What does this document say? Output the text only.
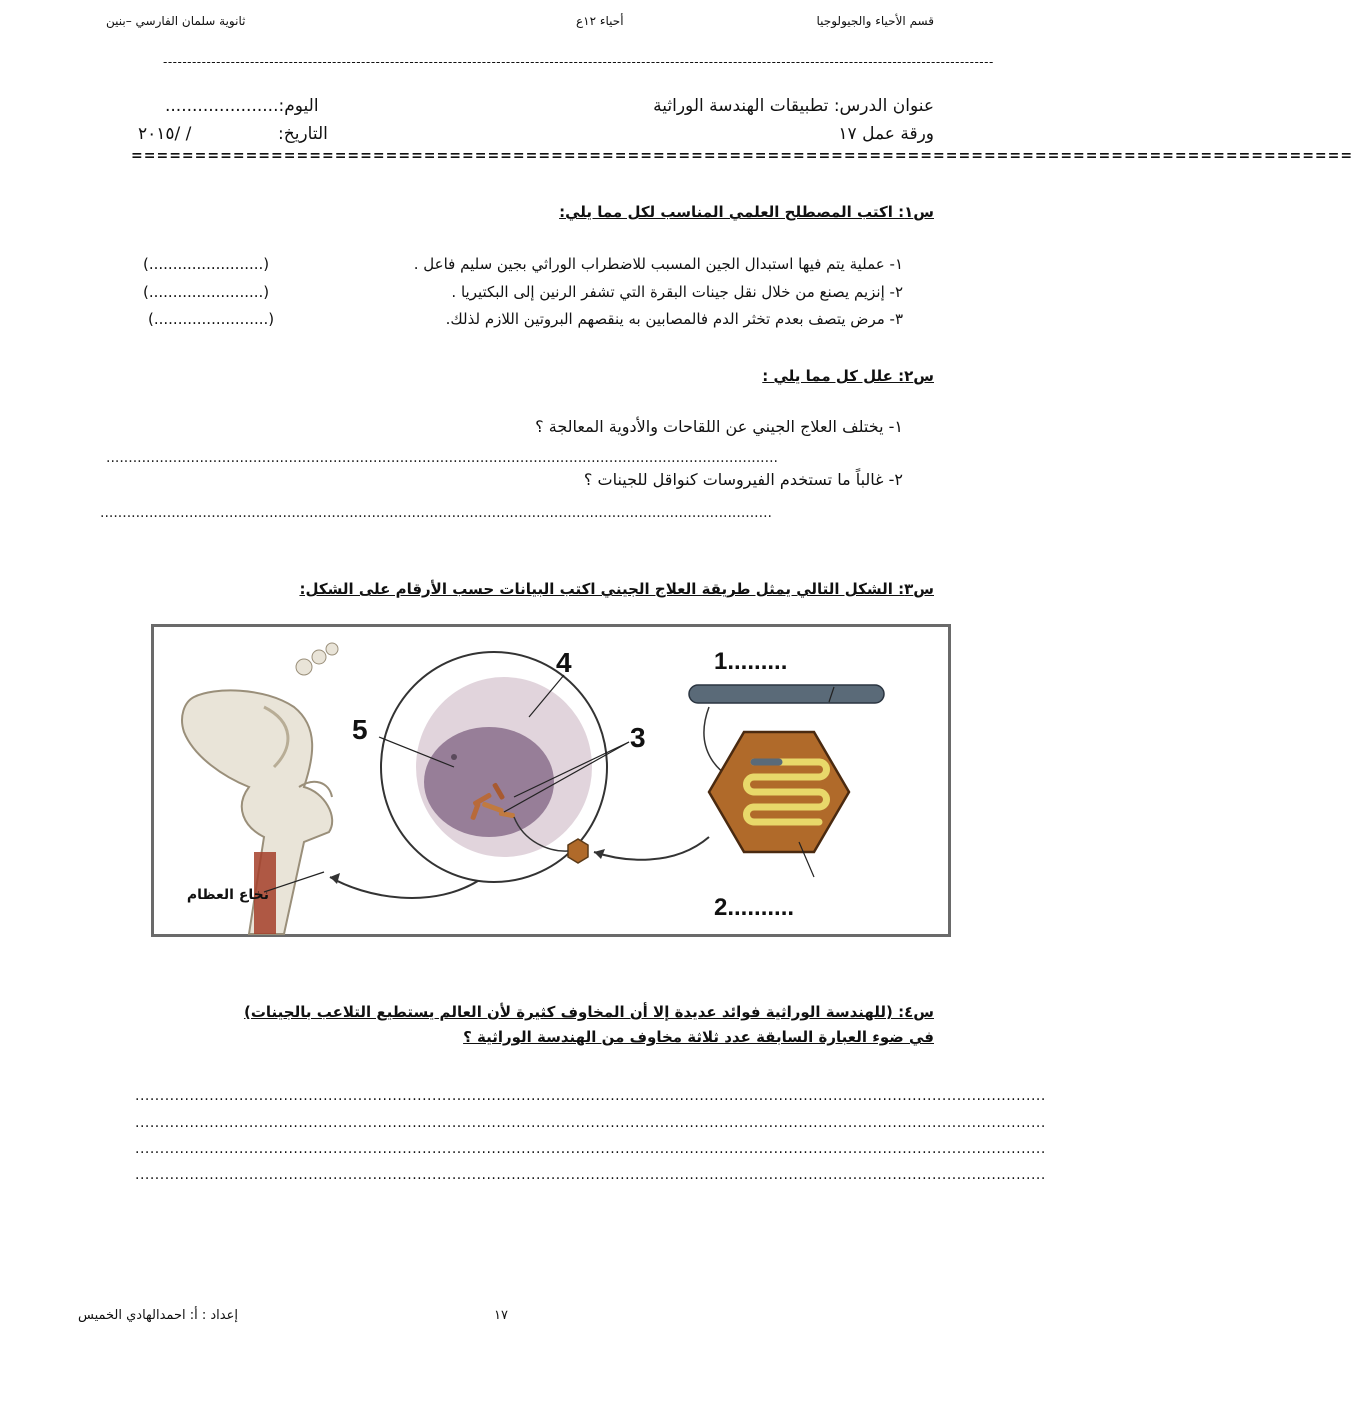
قسم الأحياء والجيولوجيا
أحياء ١٢ع
ثانوية سلمان الفارسي –بنين
----------------------------------------------------------------------------------------------------------------------------------------------------------------------------
عنوان الدرس: تطبيقات الهندسة الوراثية
ورقة عمل ١٧
اليوم:.....................
التاريخ:
/ /٢٠١٥
================================================================================================
س١: اكتب المصطلح العلمي المناسب لكل مما يلي:
١- عملية يتم فيها استبدال الجين المسبب للاضطراب الوراثي بجين سليم فاعل .
(........................)
٢- إنزيم يصنع من خلال نقل جينات البقرة التي تشفر الرنين إلى البكتيريا .
(........................)
٣- مرض يتصف بعدم تخثر الدم فالمصابين به ينقصهم البروتين اللازم لذلك.
(........................)
س٢: علل كل مما يلي :
١- يختلف العلاج الجيني عن اللقاحات والأدوية المعالجة ؟
.......................................................................................................................................................
٢- غالباً ما تستخدم الفيروسات كنواقل للجينات ؟
.......................................................................................................................................................
س٣: الشكل التالي يمثل طريقة العلاج الجيني اكتب البيانات حسب الأرقام على الشكل:
نخاع العظام
4
5	3
1.........
2..........
س٤: (للهندسة الوراثية فوائد عديدة إلا أن المخاوف كثيرة لأن العالم يستطيع التلاعب بالجينات)
في ضوء العبارة السابقة عدد ثلاثة مخاوف من الهندسة الوراثية ؟
........................................................................................................................................................................................
........................................................................................................................................................................................
........................................................................................................................................................................................
........................................................................................................................................................................................
١٧
إعداد : أ: احمدالهادي الخميس
